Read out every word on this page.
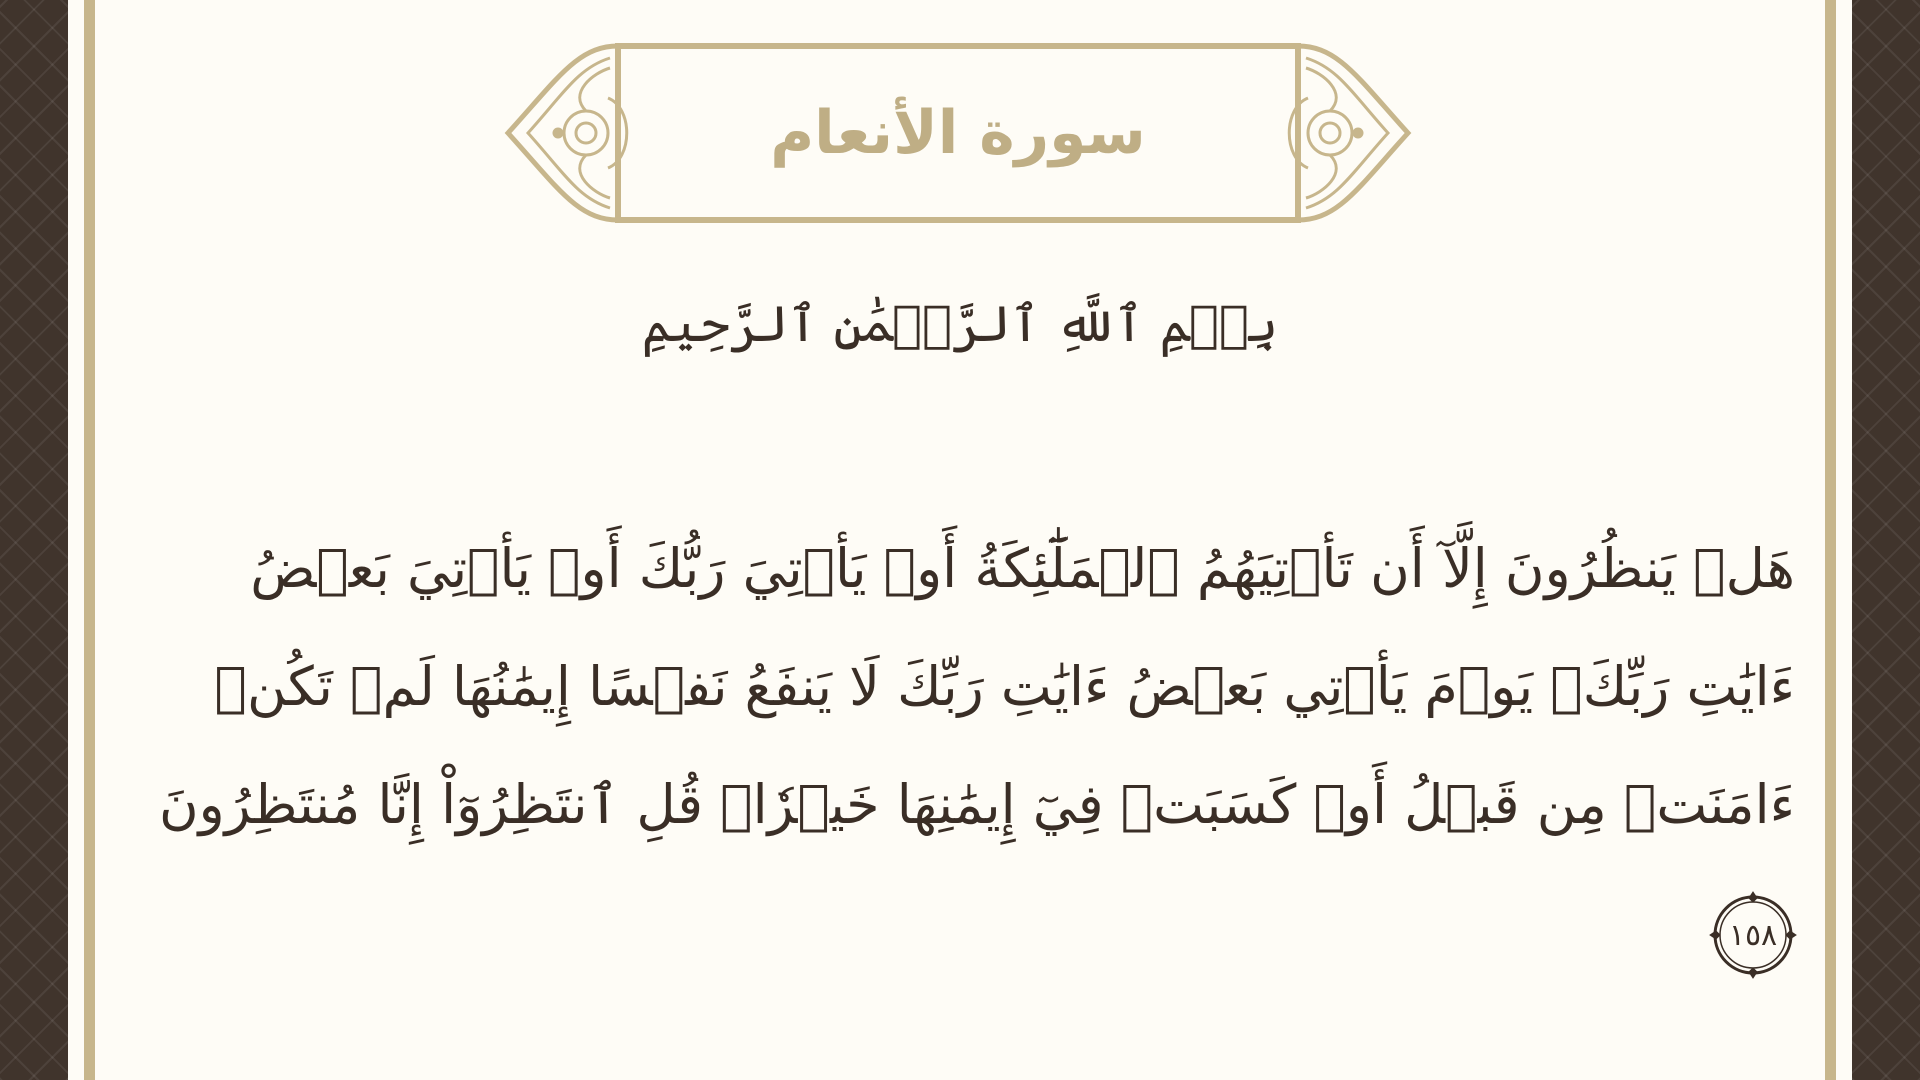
سورة الأنعام
بِسۡمِ ٱللَّهِ ٱلرَّحۡمَٰنِ ٱلرَّحِيمِ
هَلۡ يَنظُرُونَ إِلَّآ أَن تَأۡتِيَهُمُ ٱلۡمَلَٰٓئِكَةُ أَوۡ يَأۡتِيَ رَبُّكَ أَوۡ يَأۡتِيَ بَعۡضُ
ءَايَٰتِ رَبِّكَۗ يَوۡمَ يَأۡتِي بَعۡضُ ءَايَٰتِ رَبِّكَ لَا يَنفَعُ نَفۡسًا إِيمَٰنُهَا لَمۡ تَكُنۡ
ءَامَنَتۡ مِن قَبۡلُ أَوۡ كَسَبَتۡ فِيٓ إِيمَٰنِهَا خَيۡرٗاۗ قُلِ ٱنتَظِرُوٓاْ إِنَّا مُنتَظِرُونَ
١٥٨
